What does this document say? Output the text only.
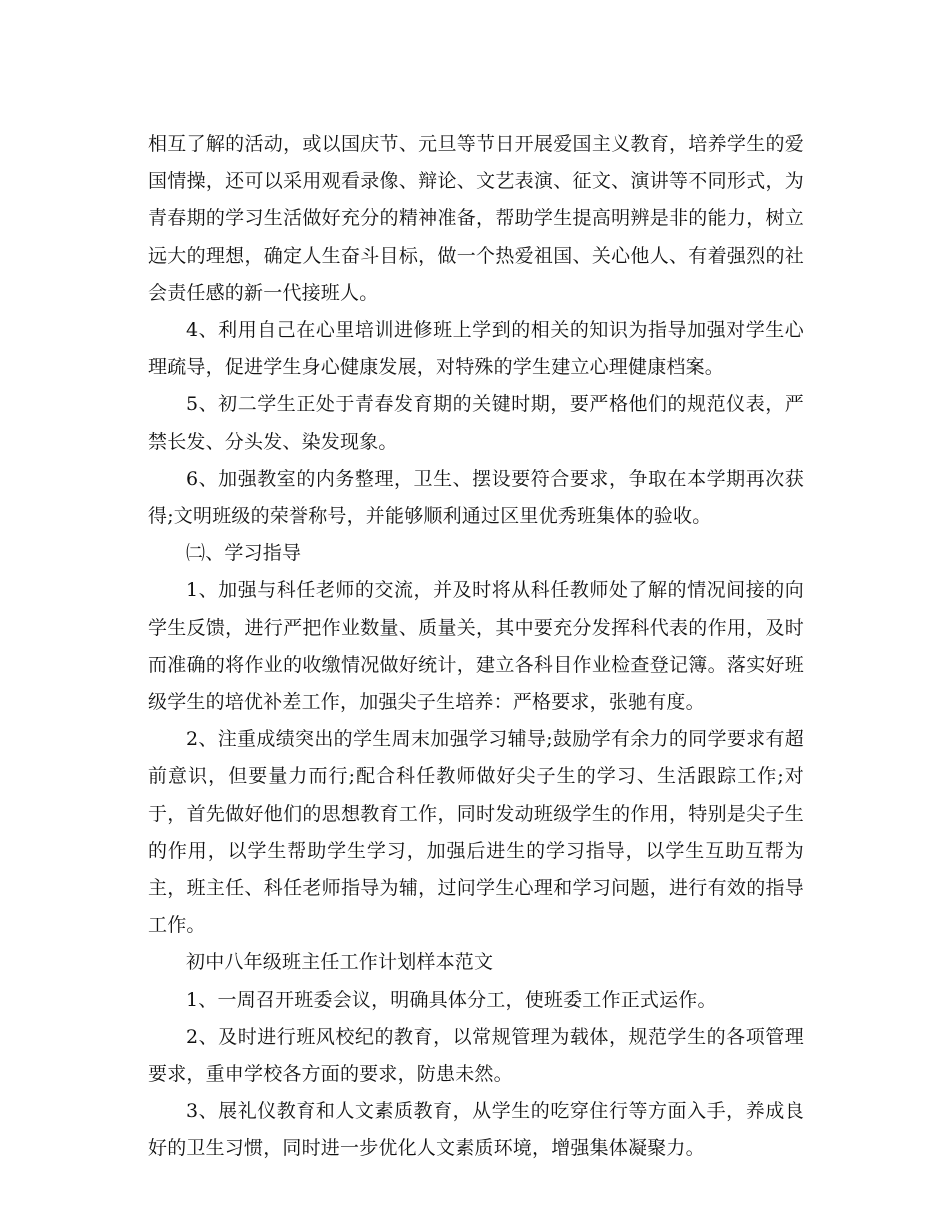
相互了解的活动，或以国庆节、元旦等节日开展爱国主义教育，培养学生的爱国情操，还可以采用观看录像、辩论、文艺表演、征文、演讲等不同形式，为青春期的学习生活做好充分的精神准备，帮助学生提高明辨是非的能力，树立远大的理想，确定人生奋斗目标，做一个热爱祖国、关心他人、有着强烈的社会责任感的新一代接班人。

4、利用自己在心里培训进修班上学到的相关的知识为指导加强对学生心理疏导，促进学生身心健康发展，对特殊的学生建立心理健康档案。

5、初二学生正处于青春发育期的关键时期，要严格他们的规范仪表，严禁长发、分头发、染发现象。

6、加强教室的内务整理，卫生、摆设要符合要求，争取在本学期再次获得;文明班级的荣誉称号，并能够顺利通过区里优秀班集体的验收。

㈡、学习指导

1、加强与科任老师的交流，并及时将从科任教师处了解的情况间接的向学生反馈，进行严把作业数量、质量关，其中要充分发挥科代表的作用，及时而准确的将作业的收缴情况做好统计，建立各科目作业检查登记簿。落实好班级学生的培优补差工作，加强尖子生培养：严格要求，张驰有度。

2、注重成绩突出的学生周末加强学习辅导;鼓励学有余力的同学要求有超前意识，但要量力而行;配合科任教师做好尖子生的学习、生活跟踪工作;对于，首先做好他们的思想教育工作，同时发动班级学生的作用，特别是尖子生的作用，以学生帮助学生学习，加强后进生的学习指导，以学生互助互帮为主，班主任、科任老师指导为辅，过问学生心理和学习问题，进行有效的指导工作。

初中八年级班主任工作计划样本范文

1、一周召开班委会议，明确具体分工，使班委工作正式运作。

2、及时进行班风校纪的教育，以常规管理为载体，规范学生的各项管理要求，重申学校各方面的要求，防患未然。

3、展礼仪教育和人文素质教育，从学生的吃穿住行等方面入手，养成良好的卫生习惯，同时进一步优化人文素质环境，增强集体凝聚力。
